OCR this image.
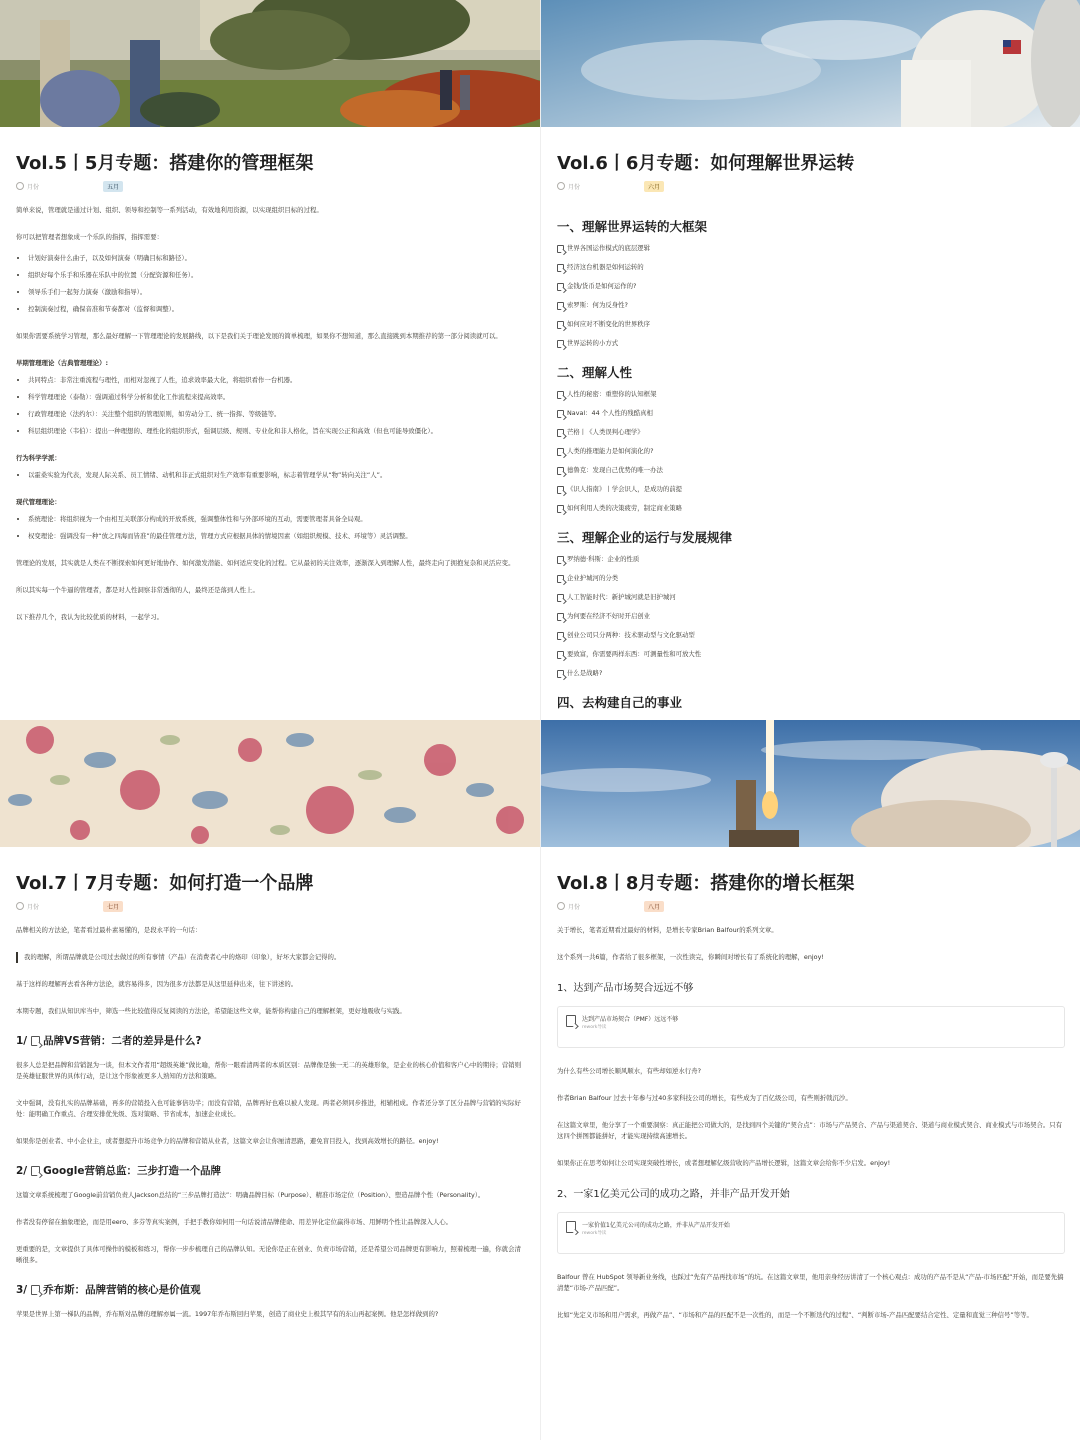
Vol.5丨5月专题：搭建你的管理框架
月份	五月

简单来说，管理就是通过计划、组织、领导和控制等一系列活动，有效地利用资源，以实现组织目标的过程。

你可以把管理者想象成一个乐队的指挥，指挥需要：

• 计划好演奏什么曲子，以及如何演奏（明确目标和路径）。
• 组织好每个乐手和乐器在乐队中的位置（分配资源和任务）。
• 领导乐手们一起努力演奏（激励和指导）。
• 控制演奏过程，确保音准和节奏都对（监督和调整）。

如果你需要系统学习管理，那么最好理解一下管理理论的发展路线，以下是我们关于理论发展的简单梳理，如果你不想知道，那么直接跳到本期推荐的第一部分阅读就可以。

早期管理理论（古典管理理论）:

• 共同特点：非常注重流程与理性，而相对忽视了人性，追求效率最大化，将组织看作一台机器。
• 科学管理理论（泰勒）：强调通过科学分析和优化工作流程来提高效率。
• 行政管理理论（法约尔）：关注整个组织的管理原则，如劳动分工、统一指挥、等级链等。
• 科层组织理论（韦伯）：提出一种理想的、理性化的组织形式，强调层级、规则、专业化和非人格化，旨在实现公正和高效（但也可能导致僵化）。

行为科学学派：

• 以霍桑实验为代表，发现人际关系、员工情绪、动机和非正式组织对生产效率有重要影响，标志着管理学从“物”转向关注“人”。

现代管理理论：

• 系统理论：将组织视为一个由相互关联部分构成的开放系统，强调整体性和与外部环境的互动，需要管理者具备全局观。
• 权变理论：强调没有一种“放之四海而皆准”的最佳管理方法，管理方式应根据具体的情境因素（如组织规模、技术、环境等）灵活调整。

管理论的发展，其实就是人类在不断探索如何更好地协作、如何激发潜能、如何适应变化的过程。它从最初的关注效率，逐渐深入到理解人性，最终走向了拥抱复杂和灵活应变。

所以其实每一个牛逼的管理者，都是对人性洞察非常透彻的人，最终还是落到人性上。

以下推荐几个，我认为比较优质的材料，一起学习。

Vol.6丨6月专题：如何理解世界运转
月份	六月
一、理解世界运转的大框架
世界各国运作模式的底层逻辑
经济这台机器是如何运转的
金钱/货币是如何运作的?
索罗斯：何为反身性?
如何应对不断变化的世界秩序
世界运转的小方式
二、理解人性
人性的秘密：重塑你的认知框架
Naval：44 个人性的残酷真相
芒格丨《人类误判心理学》
人类的推理能力是如何演化的?
德鲁克：发现自己优势的唯一办法
《识人指南》丨学会识人，是成功的前提
如何利用人类的决策疲劳，制定商业策略
三、理解企业的运行与发展规律
罗纳德·科斯：企业的性质
企业护城河的分类
人工智能时代：新护城河就是旧护城河
为何要在经济不好时开启创业
创业公司只分两种：技术驱动型与文化驱动型
要致富，你需要两样东西：可测量性和可放大性
什么是战略?
四、去构建自己的事业
Vol.7丨7月专题：如何打造一个品牌
月份	七月

品牌相关的方法论，笔者看过最朴素易懂的，是段永平的一句话：

我的理解，所谓品牌就是公司过去做过的所有事情（产品）在消费者心中的烙印（印象），好坏大家都会记得的。

基于这样的理解再去看各种方法论，就容易得多，因为很多方法都是从这里延伸出来，往下讲述的。

本期专题，我们从知识库当中，筛选一些比较值得反复阅读的方法论，希望能这些文章，能帮你构建自己的理解框架，更好地吸收与实践。

1/ 品牌VS营销：二者的差异是什么?

很多人总是把品牌和营销混为一谈，但本文作者用“超级英雄”做比喻，帮你一眼看清两者的本质区别：品牌像是独一无二的英雄形象，是企业的核心价值和客户心中的期待；营销则是英雄征服世界的具体行动，是让这个形象被更多人熟知的方法和策略。

文中强调，没有扎实的品牌基础，再多的营销投入也可能事倍功半；而没有营销，品牌再好也难以被人发现。两者必须同步推进，相辅相成。作者还分享了区分品牌与营销的实际好处：能明确工作重点、合理安排优先级、选对策略、节省成本，加速企业成长。

如果你是创业者、中小企业主，或者想提升市场竞争力的品牌和营销从业者，这篇文章会让你厘清思路，避免盲目投入，找到高效增长的路径。enjoy!

2/ Google营销总监：三步打造一个品牌

这篇文章系统梳理了Google前营销负责人Jackson总结的“三步品牌打造法”：明确品牌目标（Purpose）、精准市场定位（Position）、塑造品牌个性（Personality）。

作者没有停留在抽象理论，而是用eero、多芬等真实案例，手把手教你如何用一句话说清品牌使命、用差异化定位赢得市场、用鲜明个性让品牌深入人心。

更重要的是，文章提供了具体可操作的模板和练习，帮你一步步梳理自己的品牌认知。无论你是正在创业、负责市场营销，还是希望公司品牌更有影响力，照着梳理一遍，你就会清晰很多。

3/ 乔布斯：品牌营销的核心是价值观

苹果是世界上第一梯队的品牌，乔布斯对品牌的理解亦属一流。1997年乔布斯回归苹果，创造了商业史上极其罕有的东山再起案例。他是怎样做到的?

Vol.8丨8月专题：搭建你的增长框架
月份	八月

关于增长，笔者近期看过最好的材料，是增长专家Brian Balfour的系列文章。

这个系列一共6篇，作者给了很多框架，一次性读完，你瞬间对增长有了系统化的理解，enjoy!

1、达到产品市场契合远远不够
达到产品市场契合（PMF）远远不够
rework导读

为什么有些公司增长顺风顺水，有些却如逆水行舟?

作者Brian Balfour 过去十年参与过40多家科技公司的增长，有些成为了百亿级公司，有些则折戟沉沙。

在这篇文章里，他分享了一个重要洞察：真正能把公司做大的，是找到四个关键的“契合点”：市场与产品契合、产品与渠道契合、渠道与商业模式契合、商业模式与市场契合。只有这四个拼图都能拼好，才能实现持续高速增长。

如果你正在思考如何让公司实现突破性增长，或者想理解亿级营收的产品增长逻辑，这篇文章会给你不少启发。enjoy!

2、一家1亿美元公司的成功之路，并非产品开发开始
一家价值1亿美元公司的成功之路，并非从产品开发开始
rework导读

Balfour 曾在 HubSpot 领导新业务线，也踩过“先有产品再找市场”的坑。在这篇文章里，他用亲身经历讲清了一个核心观点：成功的产品不是从“产品-市场匹配”开始，而是要先搞清楚“市场-产品匹配”。

比如“先定义市场和用户需求，再做产品”、“市场和产品的匹配不是一次性的，而是一个不断迭代的过程”、“判断市场-产品匹配要结合定性、定量和直觉三种信号”等等。
